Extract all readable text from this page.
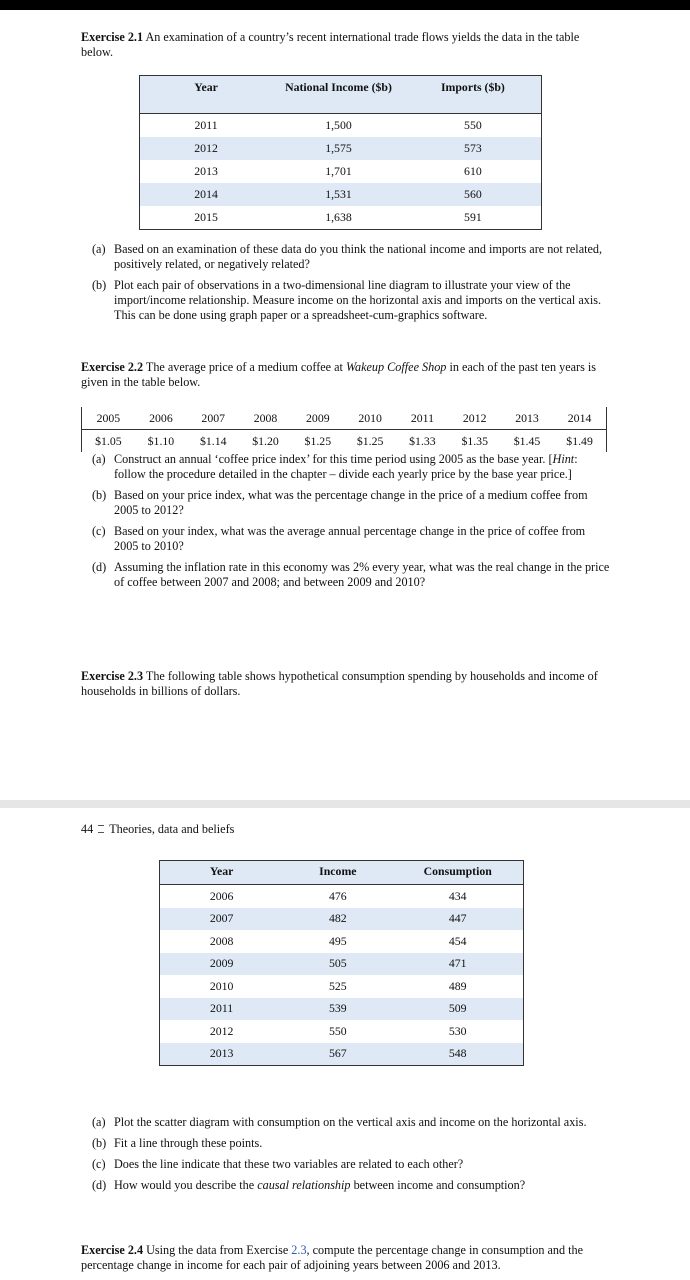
Exercise 2.1 An examination of a country’s recent international trade flows yields the data in the table below.
Year	National Income ($b)	Imports ($b)
2011	1,500	550
2012	1,575	573
2013	1,701	610
2014	1,531	560
2015	1,638	591
(a) Based on an examination of these data do you think the national income and imports are not related, positively related, or negatively related?
(b) Plot each pair of observations in a two-dimensional line diagram to illustrate your view of the import/income relationship. Measure income on the horizontal axis and imports on the vertical axis. This can be done using graph paper or a spreadsheet-cum-graphics software.
Exercise 2.2 The average price of a medium coffee at Wakeup Coffee Shop in each of the past ten years is given in the table below.
2005	2006	2007	2008	2009	2010	2011	2012	2013	2014
$1.05	$1.10	$1.14	$1.20	$1.25	$1.25	$1.33	$1.35	$1.45	$1.49
(a) Construct an annual ‘coffee price index’ for this time period using 2005 as the base year. [Hint: follow the procedure detailed in the chapter – divide each yearly price by the base year price.]
(b) Based on your price index, what was the percentage change in the price of a medium coffee from 2005 to 2012?
(c) Based on your index, what was the average annual percentage change in the price of coffee from 2005 to 2010?
(d) Assuming the inflation rate in this economy was 2% every year, what was the real change in the price of coffee between 2007 and 2008; and between 2009 and 2010?
Exercise 2.3 The following table shows hypothetical consumption spending by households and income of households in billions of dollars.
44 Theories, data and beliefs
Year	Income	Consumption
2006	476	434
2007	482	447
2008	495	454
2009	505	471
2010	525	489
2011	539	509
2012	550	530
2013	567	548
(a) Plot the scatter diagram with consumption on the vertical axis and income on the horizontal axis.
(b) Fit a line through these points.
(c) Does the line indicate that these two variables are related to each other?
(d) How would you describe the causal relationship between income and consumption?
Exercise 2.4 Using the data from Exercise 2.3, compute the percentage change in consumption and the percentage change in income for each pair of adjoining years between 2006 and 2013.
